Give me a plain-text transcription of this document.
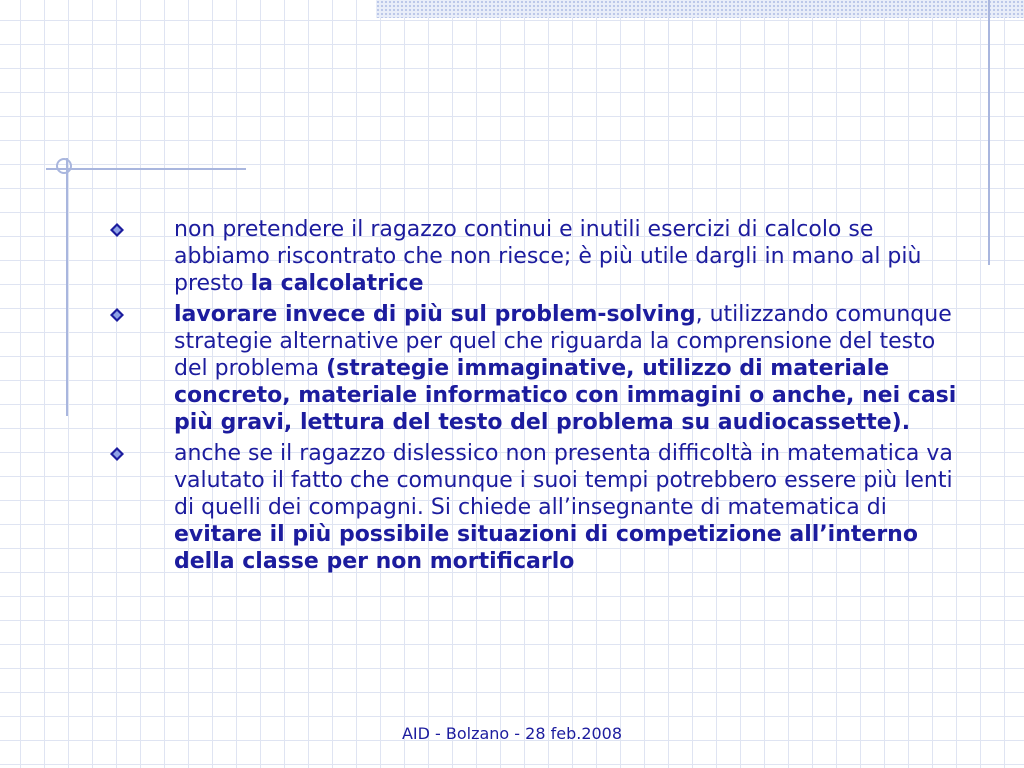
non pretendere il ragazzo continui e inutili esercizi di calcolo se abbiamo riscontrato che non riesce; è più utile dargli in mano al più presto la calcolatrice
lavorare invece di più sul problem-solving, utilizzando comunque strategie alternative per quel che riguarda la comprensione del testo del problema (strategie immaginative, utilizzo di materiale concreto, materiale informatico con immagini o anche, nei casi più gravi, lettura del testo del problema su audiocassette).
anche se il ragazzo dislessico non presenta difficoltà in matematica va valutato il fatto che comunque i suoi tempi potrebbero essere più lenti di quelli dei compagni. Si chiede all’insegnante di matematica di evitare il più possibile situazioni di competizione all’interno della classe per non mortificarlo
AID - Bolzano - 28 feb.2008
